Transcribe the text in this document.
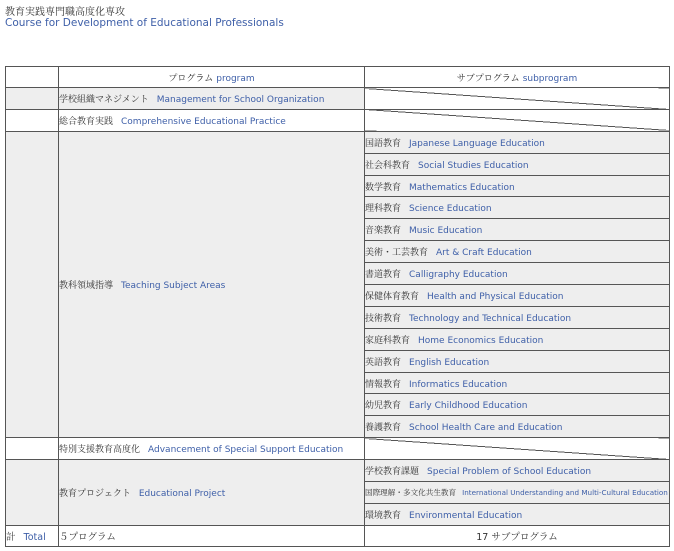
教育実践専門職高度化専攻
Course for Development of Educational Professionals
	プログラム program	サブプログラム subprogram
	学校組織マネジメント Management for School Organization	
	総合教育実践 Comprehensive Educational Practice	
	教科領域指導 Teaching Subject Areas	国語教育 Japanese Language Education
		社会科教育 Social Studies Education
		数学教育 Mathematics Education
		理科教育 Science Education
		音楽教育 Music Education
		美術・工芸教育 Art & Craft Education
		書道教育 Calligraphy Education
		保健体育教育 Health and Physical Education
		技術教育 Technology and Technical Education
		家庭科教育 Home Economics Education
		英語教育 English Education
		情報教育 Informatics Education
		幼児教育 Early Childhood Education
		養護教育 School Health Care and Education
	特別支援教育高度化 Advancement of Special Support Education	
	教育プロジェクト Educational Project	学校教育課題 Special Problem of School Education
		国際理解・多文化共生教育 International Understanding and Multi-Cultural Education
		環境教育 Environmental Education
計 Total	５プログラム	17 サブプログラム
